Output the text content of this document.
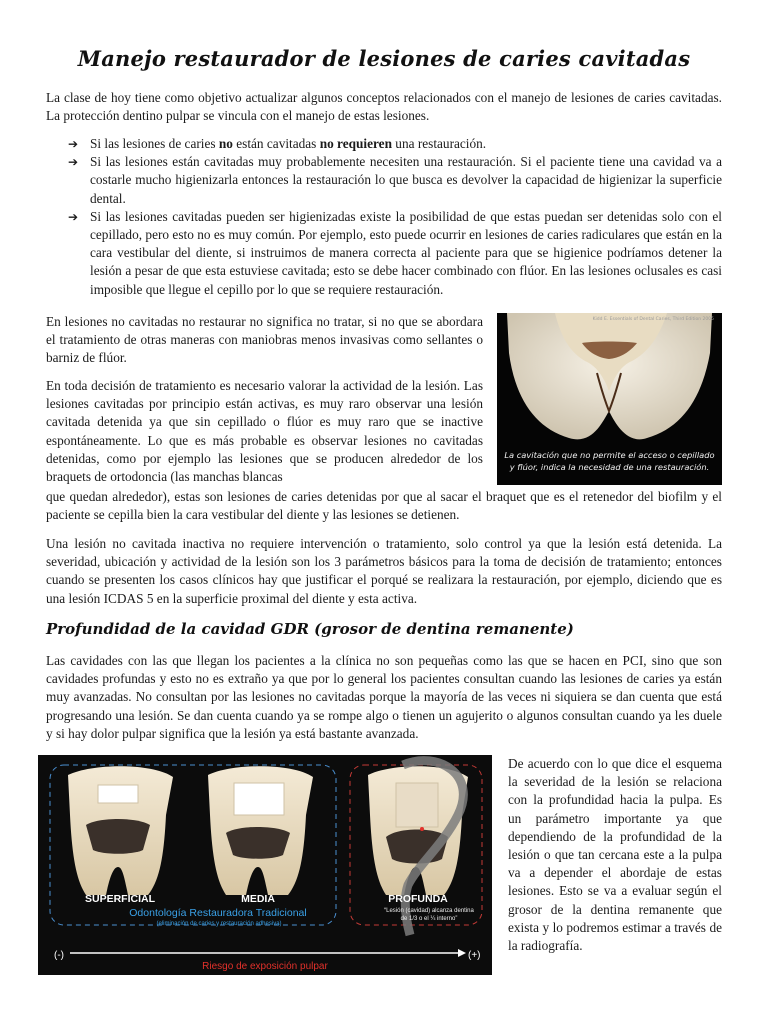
Manejo restaurador de lesiones de caries cavitadas

La clase de hoy tiene como objetivo actualizar algunos conceptos relacionados con el manejo de lesiones de caries cavitadas. La protección dentino pulpar se vincula con el manejo de estas lesiones.

➔ Si las lesiones de caries no están cavitadas no requieren una restauración.
➔ Si las lesiones están cavitadas muy probablemente necesiten una restauración. Si el paciente tiene una cavidad va a costarle mucho higienizarla entonces la restauración lo que busca es devolver la capacidad de higienizar la superficie dental.
➔ Si las lesiones cavitadas pueden ser higienizadas existe la posibilidad de que estas puedan ser detenidas solo con el cepillado, pero esto no es muy común. Por ejemplo, esto puede ocurrir en lesiones de caries radiculares que están en la cara vestibular del diente, si instruimos de manera correcta al paciente para que se higienice podríamos detener la lesión a pesar de que esta estuviese cavitada; esto se debe hacer combinado con flúor. En las lesiones oclusales es casi imposible que llegue el cepillo por lo que se requiere restauración.

En lesiones no cavitadas no restaurar no significa no tratar, si no que se abordara el tratamiento de otras maneras con maniobras menos invasivas como sellantes o barniz de flúor.

En toda decisión de tratamiento es necesario valorar la actividad de la lesión. Las lesiones cavitadas por principio están activas, es muy raro observar una lesión cavitada detenida ya que sin cepillado o flúor es muy raro que se inactive espontáneamente. Lo que es más probable es observar lesiones no cavitadas detenidas, como por ejemplo las lesiones que se producen alrededor de los braquets de ortodoncia (las manchas blancas

que quedan alrededor), estas son lesiones de caries detenidas por que al sacar el braquet que es el retenedor del biofilm y el paciente se cepilla bien la cara vestibular del diente y las lesiones se detienen.

Kidd E. Essentials of Dental Caries, Third Edition 2005
La cavitación que no permite el acceso o cepillado
y flúor, indica la necesidad de una restauración.

Una lesión no cavitada inactiva no requiere intervención o tratamiento, solo control ya que la lesión está detenida. La severidad, ubicación y actividad de la lesión son los 3 parámetros básicos para la toma de decisión de tratamiento; entonces cuando se presenten los casos clínicos hay que justificar el porqué se realizara la restauración, por ejemplo, diciendo que es una lesión ICDAS 5 en la superficie proximal del diente y esta activa.

Profundidad de la cavidad GDR (grosor de dentina remanente)

Las cavidades con las que llegan los pacientes a la clínica no son pequeñas como las que se hacen en PCI, sino que son cavidades profundas y esto no es extraño ya que por lo general los pacientes consultan cuando las lesiones de caries ya están muy avanzadas. No consultan por las lesiones no cavitadas porque la mayoría de las veces ni siquiera se dan cuenta que está progresando una lesión. Se dan cuenta cuando ya se rompe algo o tienen un agujerito o algunos consultan cuando ya les duele y si hay dolor pulpar significa que la lesión ya está bastante avanzada.

SUPERFICIAL	MEDIA	PROFUNDA
Odontología Restauradora Tradicional
(eliminación de caries y restauración adhesiva)
“Lesión (cavidad) alcanza dentina
de 1/3 o el ¼ interno”
(-)	(+)
Riesgo de exposición pulpar

De acuerdo con lo que dice el esquema la severidad de la lesión se relaciona con la profundidad hacia la pulpa. Es un parámetro importante ya que dependiendo de la profundidad de la lesión o que tan cercana este a la pulpa va a depender el abordaje de estas lesiones. Esto se va a evaluar según el grosor de la dentina remanente que exista y lo podremos estimar a través de la radiografía.
